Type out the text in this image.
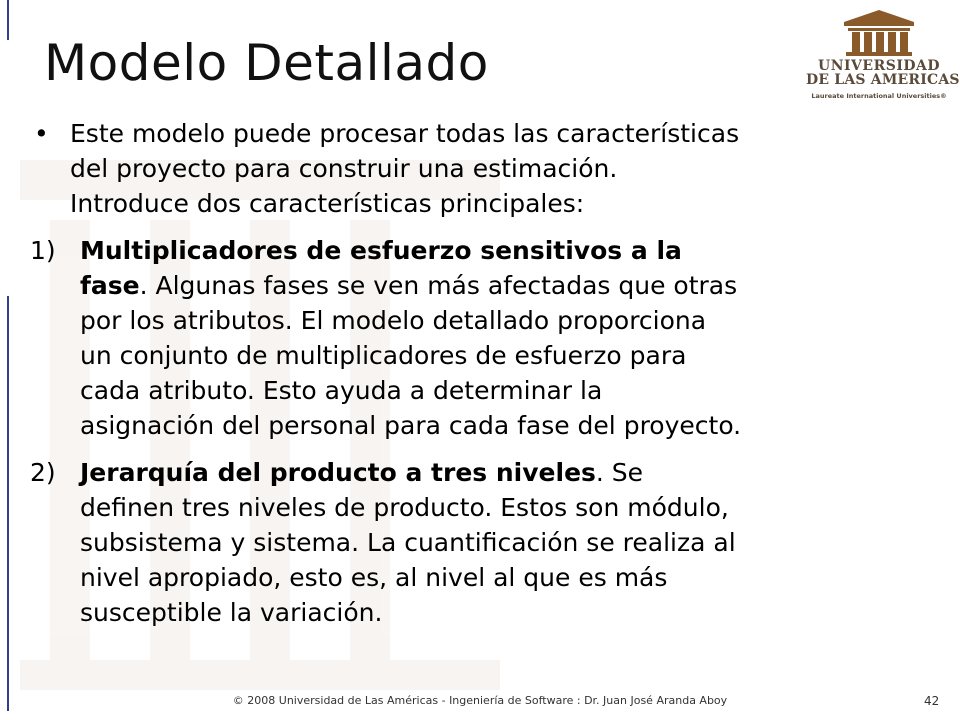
Modelo Detallado	UNIVERSIDAD
DE LAS AMERICAS
Laureate International Universities®
• Este modelo puede procesar todas las características
del proyecto para construir una estimación.
Introduce dos características principales:
1) Multiplicadores de esfuerzo sensitivos a la
fase. Algunas fases se ven más afectadas que otras
por los atributos. El modelo detallado proporciona
un conjunto de multiplicadores de esfuerzo para
cada atributo. Esto ayuda a determinar la
asignación del personal para cada fase del proyecto.
2) Jerarquía del producto a tres niveles. Se
definen tres niveles de producto. Estos son módulo,
subsistema y sistema. La cuantificación se realiza al
nivel apropiado, esto es, al nivel al que es más
susceptible la variación.
© 2008 Universidad de Las Américas - Ingeniería de Software : Dr. Juan José Aranda Aboy	42
